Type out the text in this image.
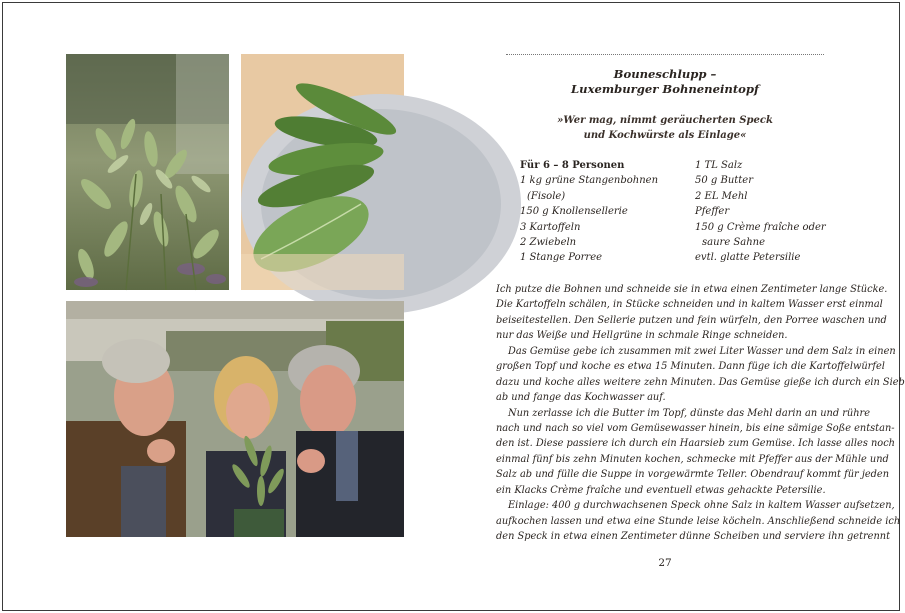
Bouneschlupp –
Luxemburger Bohneneintopf
»Wer mag, nimmt geräucherten Speck
und Kochwürste als Einlage«
Für 6 – 8 Personen
1 kg grüne Stangenbohnen
(Fisole)
150 g Knollensellerie
3 Kartoffeln
2 Zwiebeln
1 Stange Porree
1 TL Salz
50 g Butter
2 EL Mehl
Pfeffer
150 g Crème fraîche oder
saure Sahne
evtl. glatte Petersilie
Ich putze die Bohnen und schneide sie in etwa einen Zentimeter lange Stücke.
Die Kartoffeln schälen, in Stücke schneiden und in kaltem Wasser erst einmal
beiseitestellen. Den Sellerie putzen und fein würfeln, den Porree waschen und
nur das Weiße und Hellgrüne in schmale Ringe schneiden.
Das Gemüse gebe ich zusammen mit zwei Liter Wasser und dem Salz in einen
großen Topf und koche es etwa 15 Minuten. Dann füge ich die Kartoffelwürfel
dazu und koche alles weitere zehn Minuten. Das Gemüse gieße ich durch ein Sieb
ab und fange das Kochwasser auf.
Nun zerlasse ich die Butter im Topf, dünste das Mehl darin an und rühre
nach und nach so viel vom Gemüsewasser hinein, bis eine sämige Soße entstan-
den ist. Diese passiere ich durch ein Haarsieb zum Gemüse. Ich lasse alles noch
einmal fünf bis zehn Minuten kochen, schmecke mit Pfeffer aus der Mühle und
Salz ab und fülle die Suppe in vorgewärmte Teller. Obendrauf kommt für jeden
ein Klacks Crème fraîche und eventuell etwas gehackte Petersilie.
Einlage: 400 g durchwachsenen Speck ohne Salz in kaltem Wasser aufsetzen,
aufkochen lassen und etwa eine Stunde leise köcheln. Anschließend schneide ich
den Speck in etwa einen Zentimeter dünne Scheiben und serviere ihn getrennt
27
